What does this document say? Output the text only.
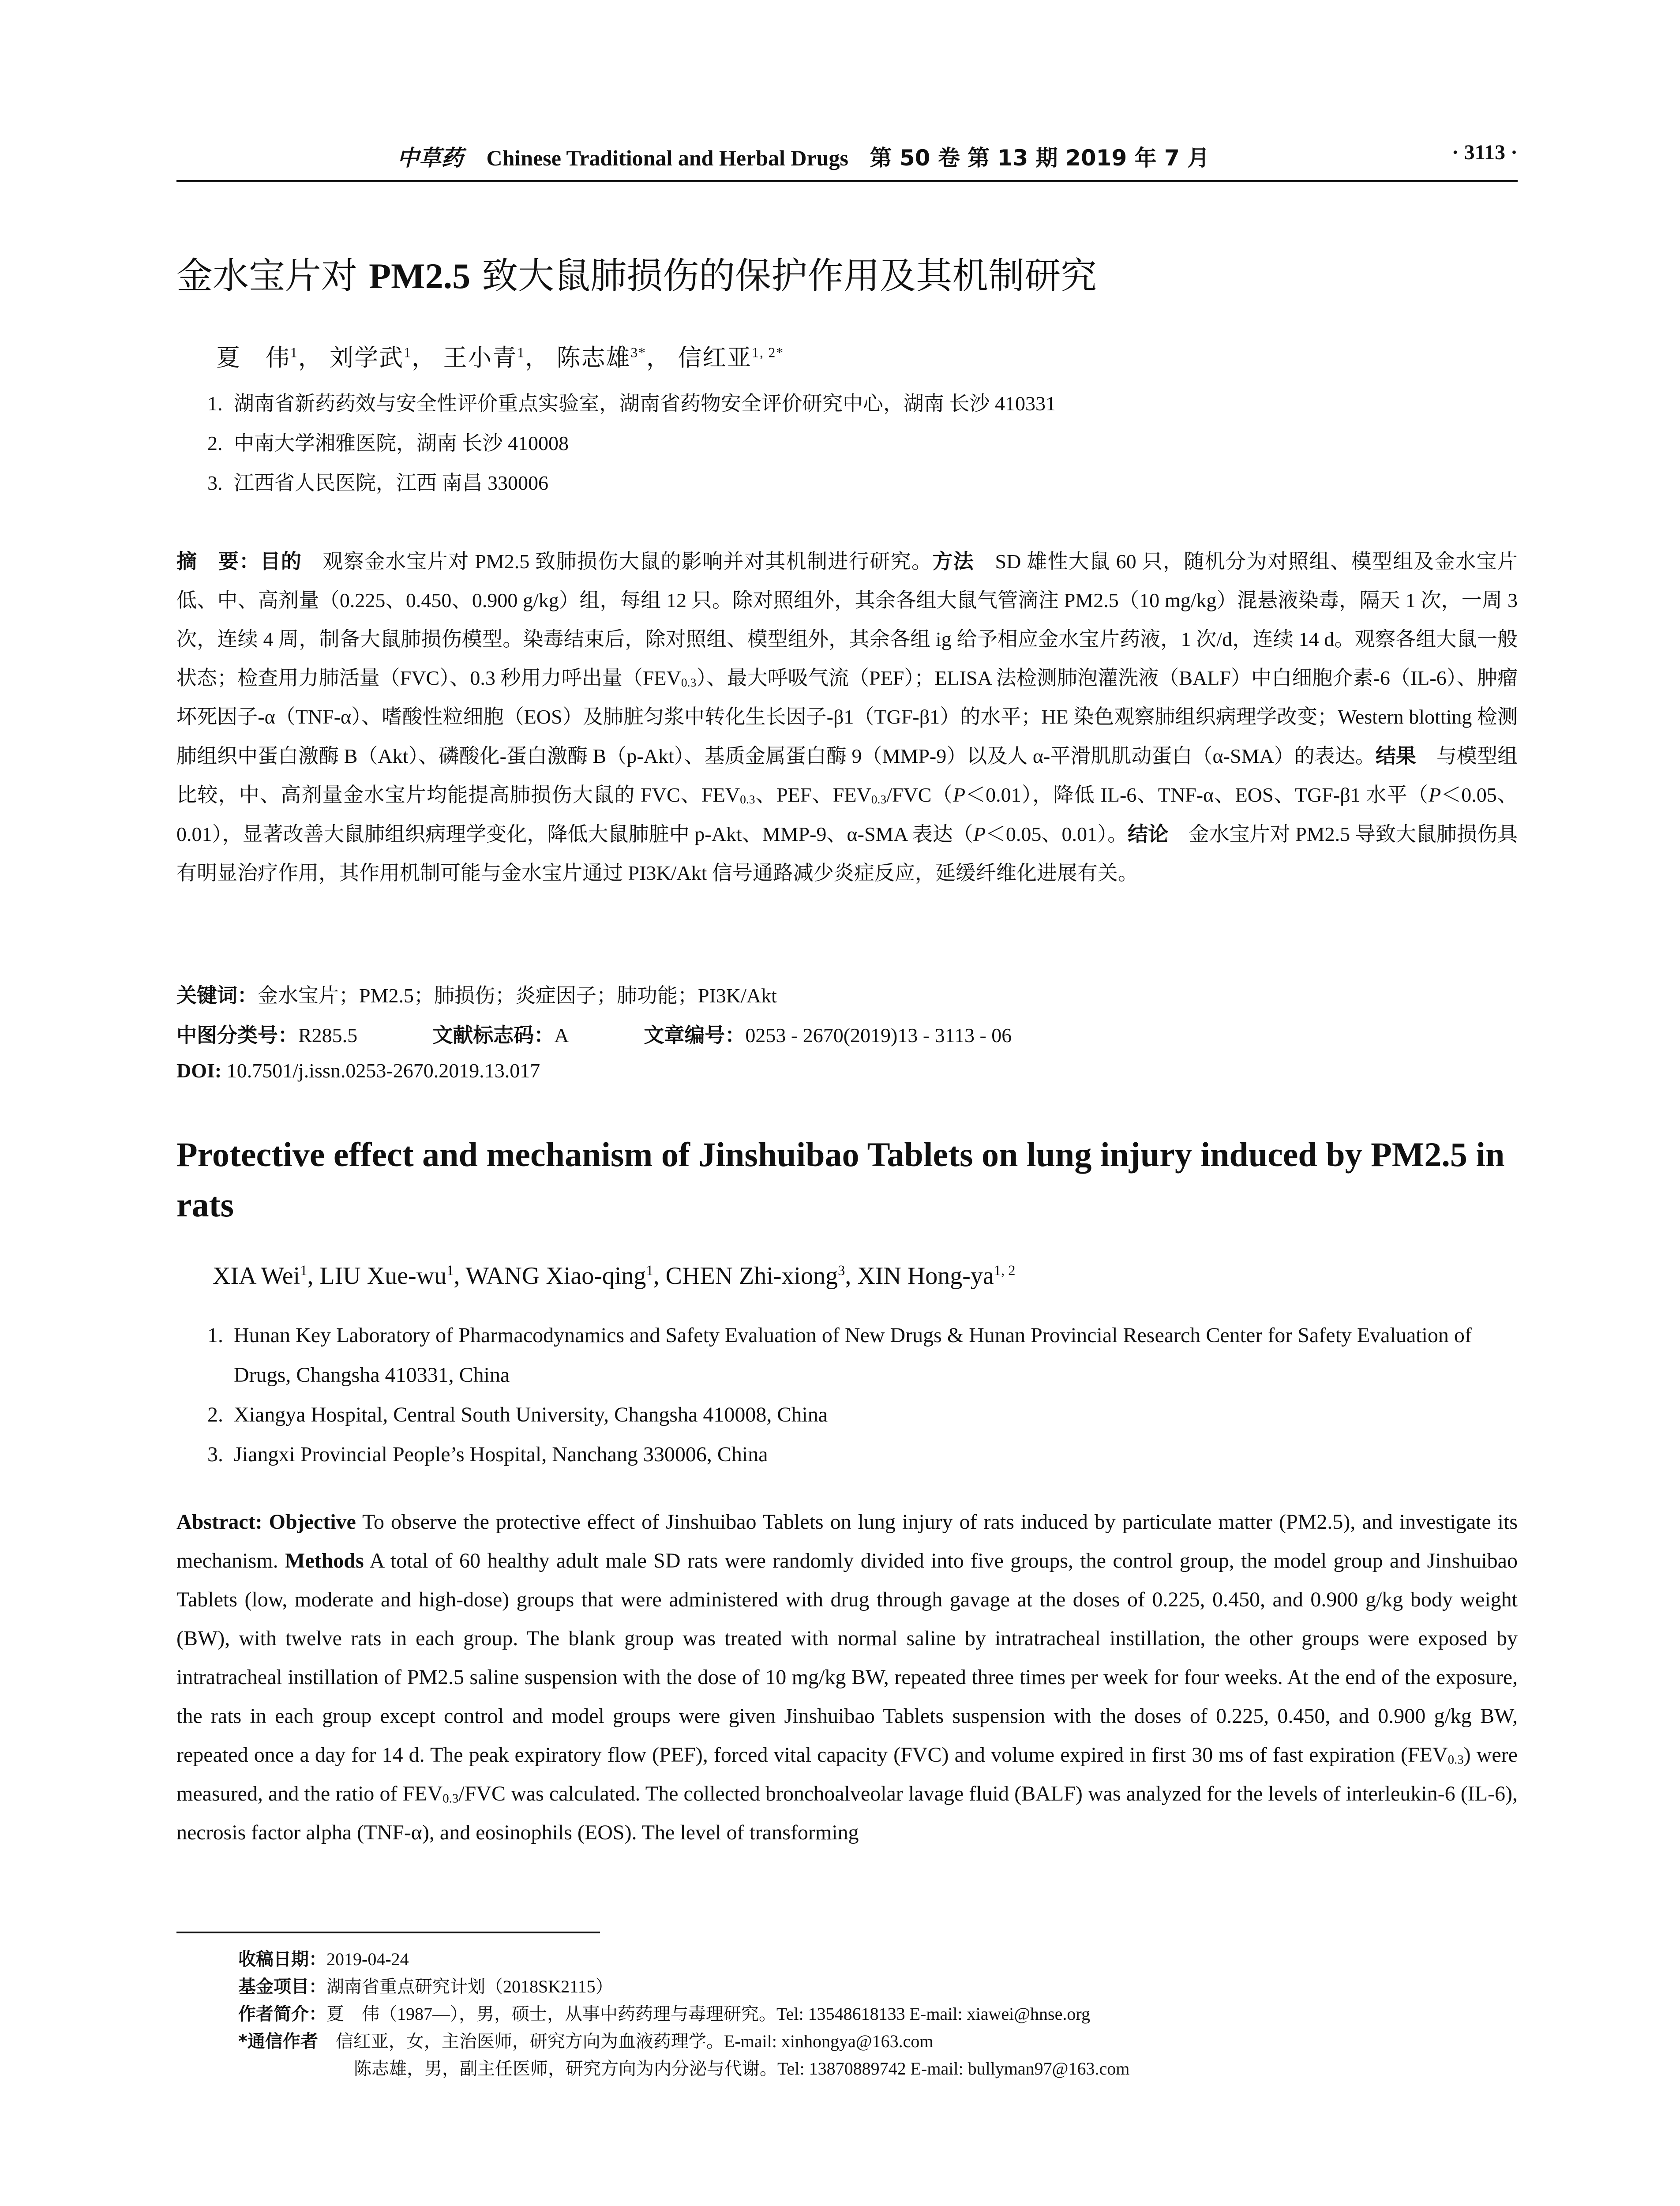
中草药 Chinese Traditional and Herbal Drugs 第 50 卷 第 13 期 2019 年 7 月	· 3113 ·
金水宝片对 PM2.5 致大鼠肺损伤的保护作用及其机制研究
夏　伟$^1$， 刘学武$^1$， 王小青$^1$， 陈志雄$^{3*}$， 信红亚$^{1, 2*}$
1. 湖南省新药药效与安全性评价重点实验室，湖南省药物安全评价研究中心，湖南 长沙 410331
2. 中南大学湘雅医院，湖南 长沙 410008
3. 江西省人民医院，江西 南昌 330006
摘　要：目的　观察金水宝片对 PM2.5 致肺损伤大鼠的影响并对其机制进行研究。方法　SD 雄性大鼠 60 只，随机分为对照组、模型组及金水宝片低、中、高剂量（0.225、0.450、0.900 g/kg）组，每组 12 只。除对照组外，其余各组大鼠气管滴注 PM2.5（10 mg/kg）混悬液染毒，隔天 1 次，一周 3 次，连续 4 周，制备大鼠肺损伤模型。染毒结束后，除对照组、模型组外，其余各组 ig 给予相应金水宝片药液，1 次/d，连续 14 d。观察各组大鼠一般状态；检查用力肺活量（FVC）、0.3 秒用力呼出量$(FEV_{0.3})$、最大呼吸气流（PEF）；ELISA 法检测肺泡灌洗液（BALF）中白细胞介素-6（IL-6）、肿瘤坏死因子-α（TNF-α）、嗜酸性粒细胞（EOS）及肺脏匀浆中转化生长因子-β1（TGF-β1）的水平；HE 染色观察肺组织病理学改变；Western blotting 检测肺组织中蛋白激酶 B（Akt）、磷酸化-蛋白激酶 B（p-Akt）、基质金属蛋白酶 9（MMP-9）以及人 α-平滑肌肌动蛋白（α-SMA）的表达。结果　与模型组比较，中、高剂量金水宝片均能提高肺损伤大鼠的 FVC、$FEV_{0.3}$、PEF、$FEV_{0.3}/FVC(P<0.01)$，降低 IL-6、TNF-α、EOS、TGF-β1 水平（P＜0.05、0.01），显著改善大鼠肺组织病理学变化，降低大鼠肺脏中 p-Akt、MMP-9、α-SMA 表达（P＜0.05、0.01）。结论　金水宝片对 PM2.5 导致大鼠肺损伤具有明显治疗作用，其作用机制可能与金水宝片通过 PI3K/Akt 信号通路减少炎症反应，延缓纤维化进展有关。
关键词：金水宝片；PM2.5；肺损伤；炎症因子；肺功能；PI3K/Akt
中图分类号：R285.5	文献标志码：A	文章编号：0253 - 2670(2019)13 - 3113 - 06
DOI: 10.7501/j.issn.0253-2670.2019.13.017
Protective effect and mechanism of Jinshuibao Tablets on lung injury induced by PM2.5 in rats
XIA Wei$^1$, LIU Xue-$wu^1$, WANG Xiao-qing$^1$, CHEN Zhi-xiong$^3$, XIN Hong-ya$^{1, 2}$
1. Hunan Key Laboratory of Pharmacodynamics and Safety Evaluation of New Drugs & Hunan Provincial Research Center for Safety Evaluation of Drugs, Changsha 410331, China
2. Xiangya Hospital, Central South University, Changsha 410008, China
3. Jiangxi Provincial People’s Hospital, Nanchang 330006, China
Abstract: Objective To observe the protective effect of Jinshuibao Tablets on lung injury of rats induced by particulate matter (PM2.5), and investigate its mechanism. Methods A total of 60 healthy adult male SD rats were randomly divided into five groups, the control group, the model group and Jinshuibao Tablets (low, moderate and high-dose) groups that were administered with drug through gavage at the doses of 0.225, 0.450, and 0.900 g/kg body weight (BW), with twelve rats in each group. The blank group was treated with normal saline by intratracheal instillation, the other groups were exposed by intratracheal instillation of PM2.5 saline suspension with the dose of 10 mg/kg BW, repeated three times per week for four weeks. At the end of the exposure, the rats in each group except control and model groups were given Jinshuibao Tablets suspension with the doses of 0.225, 0.450, and 0.900 g/kg BW, repeated once a day for 14 d. The peak expiratory flow (PEF), forced vital capacity (FVC) and volume expired in first 30 ms of fast expiration $(FEV_{0.3})$ were measured, and the ratio of $FEV_{0.3}$/FVC was calculated. The collected bronchoalveolar lavage fluid (BALF) was analyzed for the levels of interleukin-6 (IL-6), necrosis factor alpha (TNF-α), and eosinophils (EOS). The level of transforming
收稿日期：2019-04-24
基金项目：湖南省重点研究计划（2018SK2115）
作者简介：夏　伟（1987—），男，硕士，从事中药药理与毒理研究。Tel: 13548618133 E-mail: xiawei@hnse.org
*通信作者　信红亚，女，主治医师，研究方向为血液药理学。E-mail: xinhongya@163.com
陈志雄，男，副主任医师，研究方向为内分泌与代谢。Tel: 13870889742 E-mail: bullyman97@163.com
